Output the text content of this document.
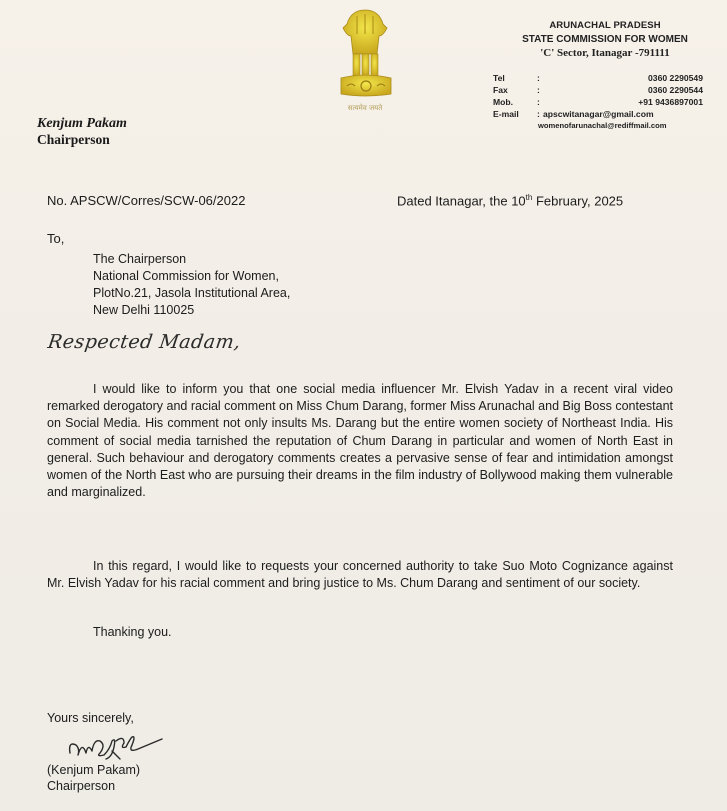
सत्यमेव जयते
Kenjum Pakam
Chairperson
ARUNACHAL PRADESH
STATE COMMISSION FOR WOMEN
'C' Sector, Itanagar -791111
Tel	:	0360 2290549
Fax	:	0360 2290544
Mob.	:	+91 9436897001
E-mail	: apscwitanagar@gmail.com
womenofarunachal@rediffmail.com
No. APSCW/Corres/SCW-06/2022	Dated Itanagar, the 10th February, 2025
To,
The Chairperson
National Commission for Women,
PlotNo.21, Jasola Institutional Area,
New Delhi 110025
Respected Madam,
I would like to inform you that one social media influencer Mr. Elvish Yadav in a recent viral video remarked derogatory and racial comment on Miss Chum Darang, former Miss Arunachal and Big Boss contestant on Social Media. His comment not only insults Ms. Darang but the entire women society of Northeast India. His comment of social media tarnished the reputation of Chum Darang in particular and women of North East in general. Such behaviour and derogatory comments creates a pervasive sense of fear and intimidation amongst women of the North East who are pursuing their dreams in the film industry of Bollywood making them vulnerable and marginalized.
In this regard, I would like to requests your concerned authority to take Suo Moto Cognizance against Mr. Elvish Yadav for his racial comment and bring justice to Ms. Chum Darang and sentiment of our society.
Thanking you.
Yours sincerely,
(Kenjum Pakam)
Chairperson
